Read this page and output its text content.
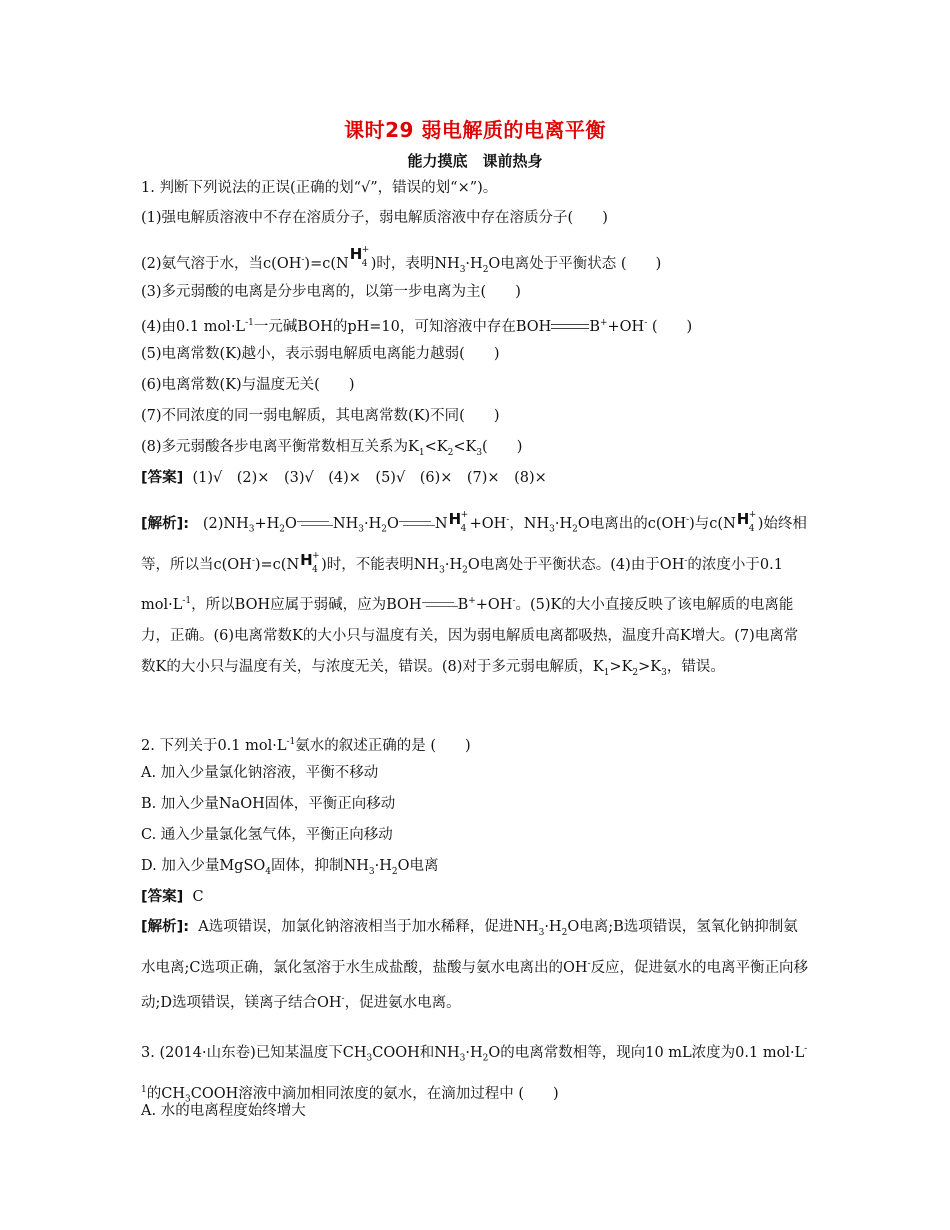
课时29 弱电解质的电离平衡
能力摸底　课前热身
1. 判断下列说法的正误(正确的划“√”，错误的划“×”)。
(1)强电解质溶液中不存在溶质分子，弱电解质溶液中存在溶质分子(　　)
(2)氨气溶于水，当c(OH-)=c(N
H +
4 )时，表明$NH_3\cdot H_2O$电离处于平衡状态 (　　)
(3)多元弱酸的电离是分步电离的，以第一步电离为主(　　)
(4)由0.1 $mol\cdot L^{-1}$一元碱BOH的pH=10，可知溶液中存在BOH	B++OH- (　　)
(5)电离常数(K)越小，表示弱电解质电离能力越弱(　　)
(6)电离常数(K)与温度无关(　　)
(7)不同浓度的同一弱电解质，其电离常数(K)不同(　　)
(8)多元弱酸各步电离平衡常数相互关系为$K_1<K_2<K_3$(　　)
[答案] (1)√　(2)×　(3)√　(4)×　(5)√　(6)×　(7)×　(8)×
[解析]: $(2)NH_3+H_2O$ $NH_3\cdot H_2O$ N H +
4 +OH-，$NH_3\cdot H_2O$电离出的c(OH-)与c(N H +
4 )始终相等，所以当c(OH-)=c(N H +
4 )时，不能表明$NH_3\cdot H_2O$电离处于平衡状态。(4)由于OH-的浓度小于0.1 $mol\cdot L^{-1}$，所以BOH应属于弱碱，应为BOH B++OH-。(5)K的大小直接反映了该电解质的电离能力，正确。(6)电离常数K的大小只与温度有关，因为弱电解质电离都吸热，温度升高K增大。(7)电离常数K的大小只与温度有关，与浓度无关，错误。(8)对于多元弱电解质，$K_1>K_2>K_3$，错误。
2. 下列关于0.1 $mol\cdot L^{-1}$氨水的叙述正确的是 (　　)
A. 加入少量氯化钠溶液，平衡不移动
B. 加入少量NaOH固体，平衡正向移动
C. 通入少量氯化氢气体，平衡正向移动
D. 加入少量MgSO$_4$固体，抑制$NH_3\cdot H_2O$电离
[答案] C
[解析]: A选项错误，加氯化钠溶液相当于加水稀释，促进$NH_3\cdot H_2O$电离;B选项错误，氢氧化钠抑制氨水电离;C选项正确，氯化氢溶于水生成盐酸，盐酸与氨水电离出的OH-反应，促进氨水的电离平衡正向移动;D选项错误，镁离子结合OH-，促进氨水电离。
3. (2014·山东卷)已知某温度下$CH_3COOH$和$NH_3\cdot H_2O$的电离常数相等，现向10 mL浓度为0.1 $mol\cdot L^{-1}$的$CH_3COOH$溶液中滴加相同浓度的氨水，在滴加过程中 (　　)
A. 水的电离程度始终增大
